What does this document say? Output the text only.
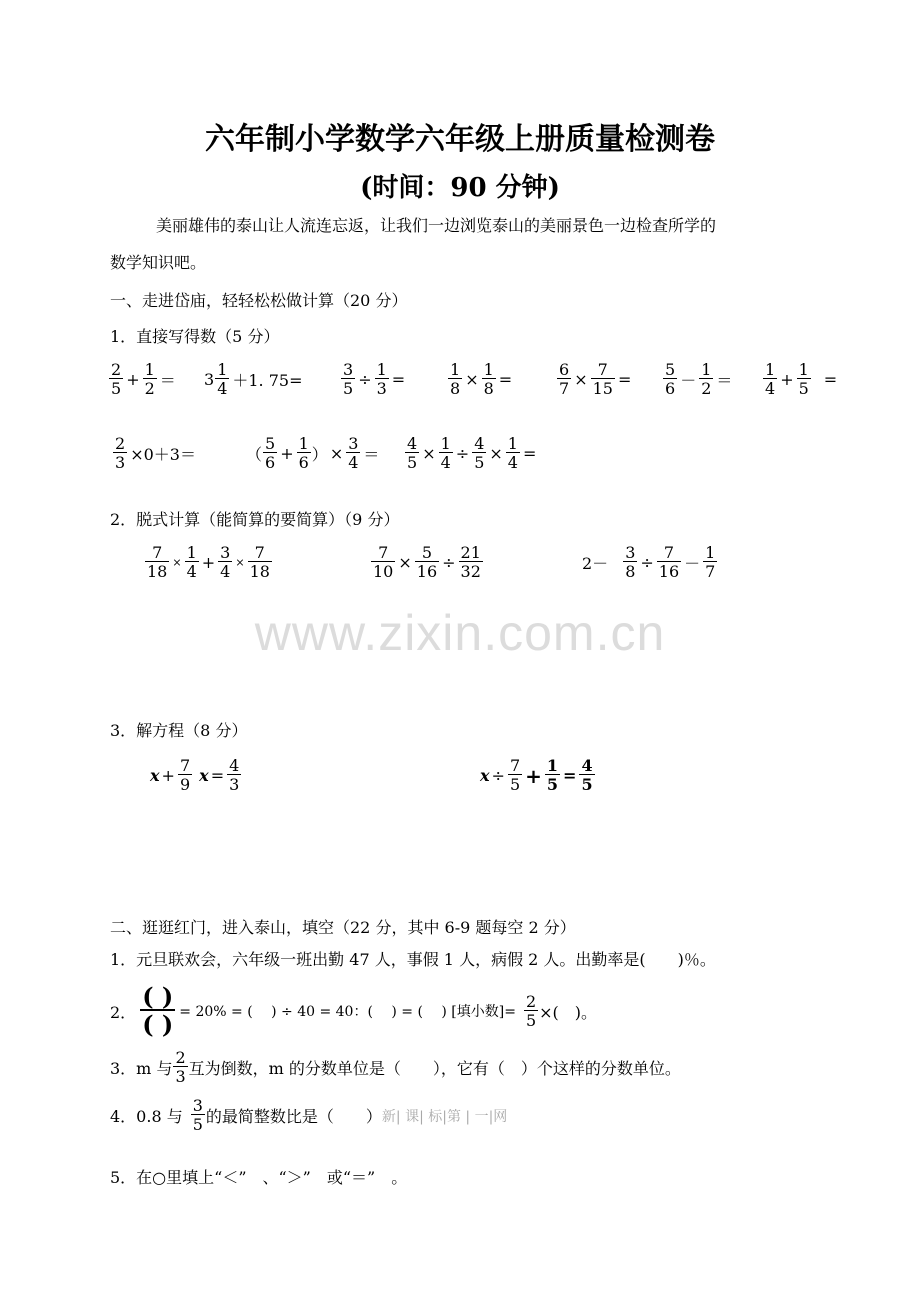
六年制小学数学六年级上册质量检测卷
(时间：90 分钟)
美丽雄伟的泰山让人流连忘返，让我们一边浏览泰山的美丽景色一边检查所学的
数学知识吧。
一、走进岱庙，轻轻松松做计算（20 分）
1．直接写得数（5 分）
$\frac{2}{5} + \frac{1}{2} = 3 \frac{1}{4} +1$. $75= \frac{3}{5} \div \frac{1}{3}$ =	$\frac{1}{8} \times \frac{1}{8}$ =	$\frac{6}{7} \times \frac{7}{15} = \frac{5}{6} - \frac{1}{2} = \frac{1}{4} + \frac{1}{5}$ =
$\frac{2}{3} \times 0+3=$	（ $\frac{5}{6} + \frac{1}{6}$ ） × $\frac{3}{4} = \frac{4}{5} \times \frac{1}{4} \div \frac{4}{5} \times \frac{1}{4}$ =
2．脱式计算（能简算的要简算）（9 分）
$\frac{7}{18} \times \frac{1}{4} + \frac{3}{4} \times \frac{7}{18}$	$\frac{7}{10} \times \frac{5}{16} \div \frac{21}{32}$	$2- \frac{3}{8} \div \frac{7}{16} - \frac{1}{7}$
www.zixin.com.cn
3．解方程（8 分）
$x + \frac{7}{9}$ $x = \frac{4}{3}$	$x \div \frac{7}{5} + \frac{1}{5} = \frac{4}{5}$
二、逛逛红门，进入泰山，填空（22 分，其中 6-9 题每空 2 分）
1．元旦联欢会，六年级一班出勤 47 人，事假 1 人，病假 2 人。出勤率是(　　)％。
2． $\frac{( )}{( )} = 20\%$ = (　 ) ÷ 40 = 40：(　 ) = (　 ) [填小数]= $\frac{2}{5}$ ×(　)。
3．m 与 $\frac{2}{3}$ 互为倒数，m 的分数单位是（　　），它有（　）个这样的分数单位。
4．0.8 与 $\frac{3}{5}$ 的最简整数比是（　　） 新| 课| 标|第 | 一|网
5．在○里填上“＜”　、“＞”　或“＝”　。
